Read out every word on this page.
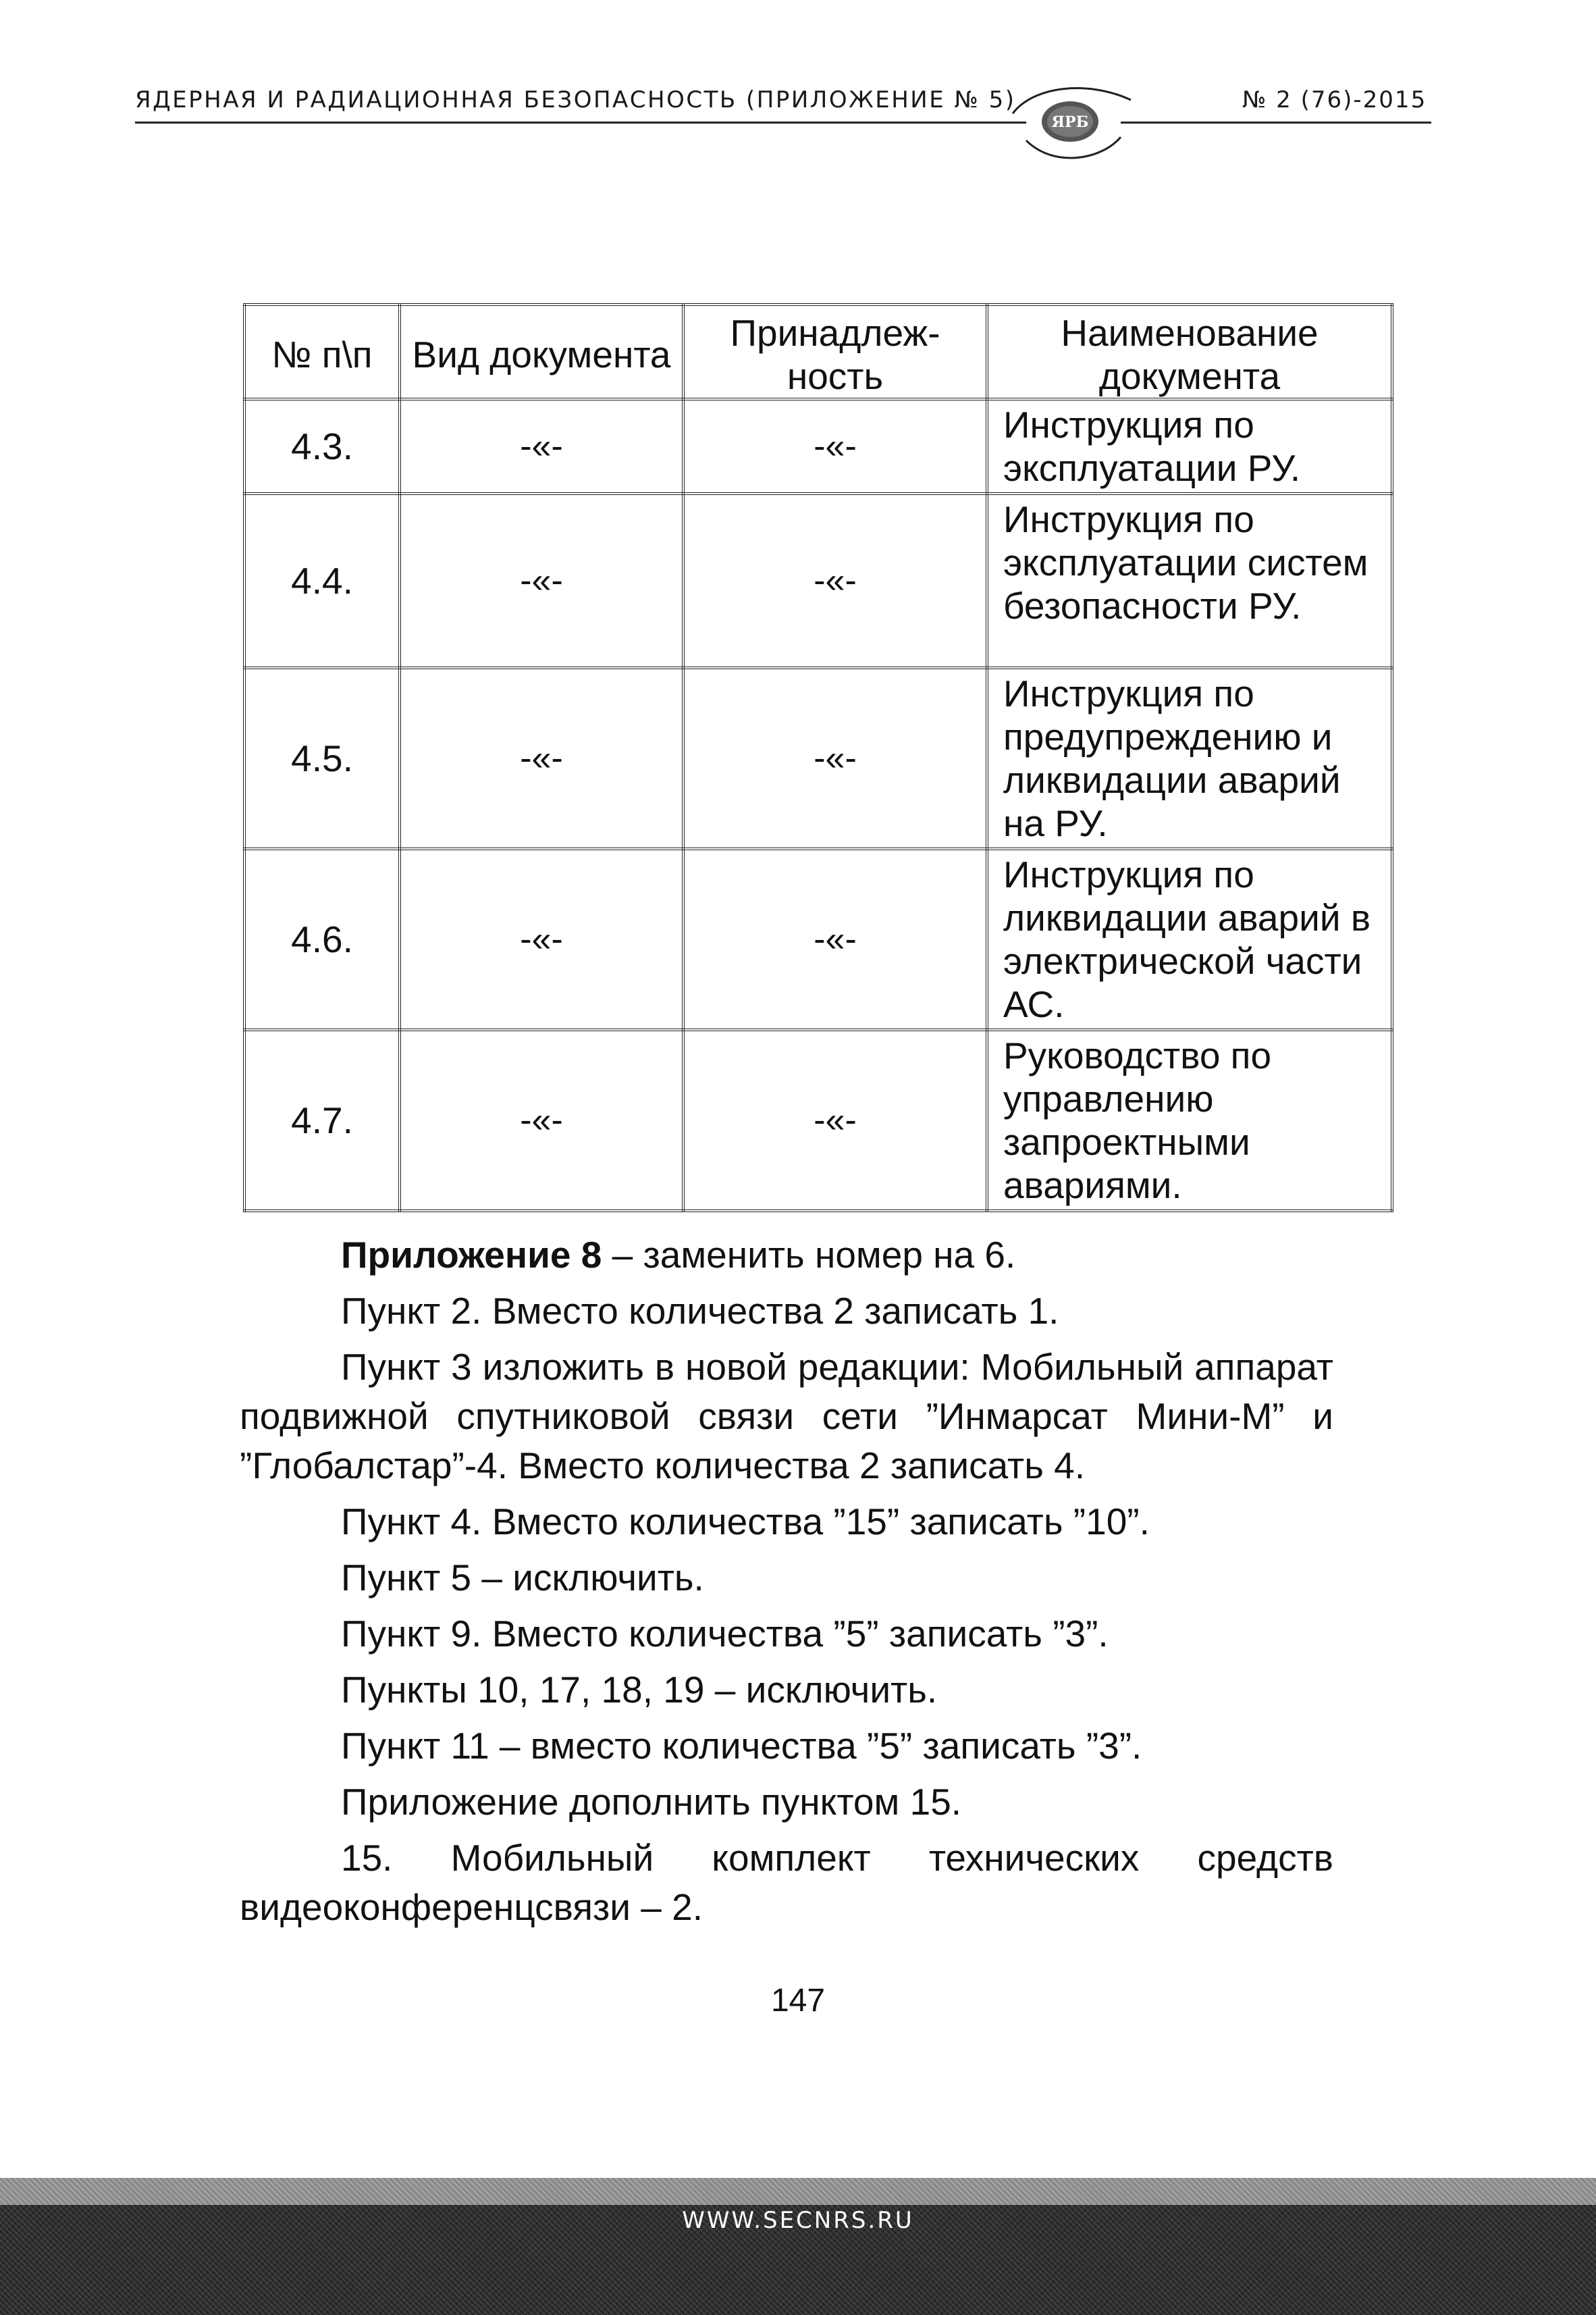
ЯДЕРНАЯ И РАДИАЦИОННАЯ БЕЗОПАСНОСТЬ (ПРИЛОЖЕНИЕ № 5)
ЯРБ
№ 2 (76)-2015
№ п\п	Вид документа	Принадлеж-ность	Наименование документа
4.3.	-«-	-«-	Инструкция по эксплуатации РУ.
4.4.	-«-	-«-	Инструкция по эксплуатации систем безопасности РУ.
4.5.	-«-	-«-	Инструкция по предупреждению и ликвидации аварий на РУ.
4.6.	-«-	-«-	Инструкция по ликвидации аварий в электрической части АС.
4.7.	-«-	-«-	Руководство по управлению запроектными авариями.

Приложение 8 – заменить номер на 6.

Пункт 2. Вместо количества 2 записать 1.

Пункт 3 изложить в новой редакции: Мобильный аппарат подвижной спутниковой связи сети ”Инмарсат Мини-М” и ”Глобалстар”-4. Вместо количества 2 записать 4.

Пункт 4. Вместо количества ”15” записать ”10”.

Пункт 5 – исключить.

Пункт 9. Вместо количества ”5” записать ”3”.

Пункты 10, 17, 18, 19 – исключить.

Пункт 11 – вместо количества ”5” записать ”3”.

Приложение дополнить пунктом 15.

15. Мобильный комплект технических средств видеоконференцсвязи – 2.

147
WWW.SECNRS.RU
